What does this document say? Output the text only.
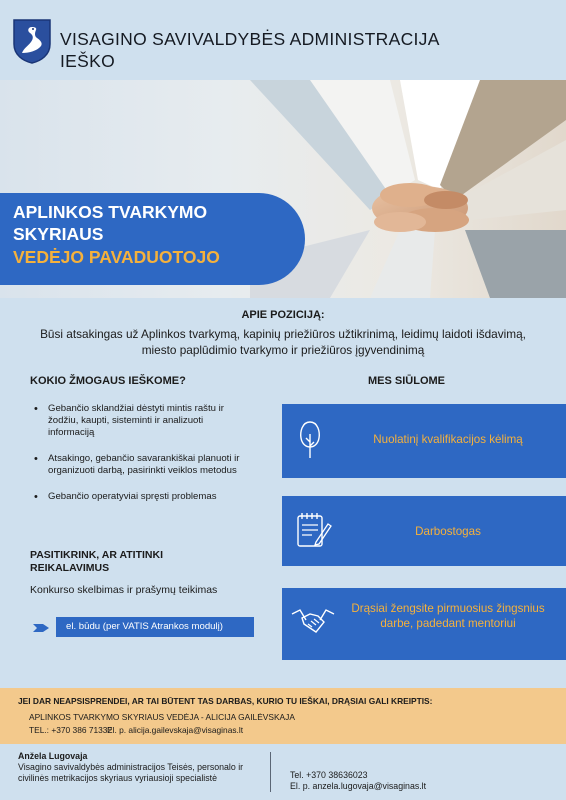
VISAGINO SAVIVALDYBĖS ADMINISTRACIJA
IEŠKO
APLINKOS TVARKYMO
SKYRIAUS
VEDĖJO PAVADUOTOJO
APIE POZICIJĄ:
Būsi atsakingas už Aplinkos tvarkymą, kapinių priežiūros užtikrinimą, leidimų laidoti išdavimą, miesto paplūdimio tvarkymo ir priežiūros įgyvendinimą
KOKIO ŽMOGAUS IEŠKOME?
• Gebančio sklandžiai dėstyti mintis raštu ir žodžiu, kaupti, sisteminti ir analizuoti informaciją
• Atsakingo, gebančio savarankiškai planuoti ir organizuoti darbą, pasirinkti veiklos metodus
• Gebančio operatyviai spręsti problemas
PASITIKRINK, AR ATITINKI
REIKALAVIMUS
Konkurso skelbimas ir prašymų teikimas
el. būdu (per VATIS Atrankos modulį)
MES SIŪLOME
Nuolatinį kvalifikacijos kėlimą
Darbostogas
Drąsiai žengsite pirmuosius žingsnius darbe, padedant mentoriui
JEI DAR NEAPSISPRENDEI, AR TAI BŪTENT TAS DARBAS, KURIO TU IEŠKAI, DRĄSIAI GALI KREIPTIS:
APLINKOS TVARKYMO SKYRIAUS VEDĖJA - ALICIJA GAILĖVSKAJA
TEL.: +370 386 71332
El. p. alicija.gailevskaja@visaginas.lt
Anžela Lugovaja
Visagino savivaldybės administracijos Teisės, personalo ir civilinės metrikacijos skyriaus vyriausioji specialistė	Tel. +370 38636023
El. p. anzela.lugovaja@visaginas.lt
